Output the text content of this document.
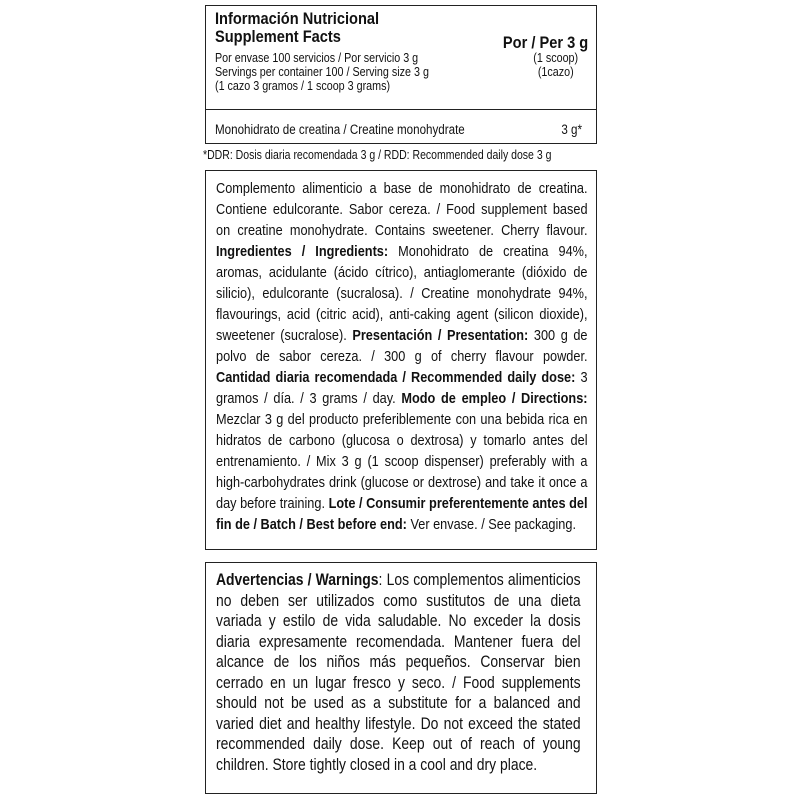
Información Nutricional
Supplement Facts	Por / Per 3 g
Por envase 100 servicios / Por servicio 3 g
Servings per container 100 / Serving size 3 g
(1 cazo 3 gramos / 1 scoop 3 grams)
(1 scoop)
(1cazo)
Monohidrato de creatina / Creatine monohydrate	3 g*
*DDR: Dosis diaria recomendada 3 g / RDD: Recommended daily dose 3 g
Complemento alimenticio a base de monohidrato de creatina. Contiene edulcorante. Sabor cereza. / Food supplement based on creatine monohydrate. Contains sweetener. Cherry flavour. Ingredientes / Ingredients: Monohidrato de creatina 94%, aromas, acidulante (ácido cítrico), antiaglomerante (dióxido de silicio), edulcorante (sucralosa). / Creatine monohydrate 94%, flavourings, acid (citric acid), anti-caking agent (silicon dioxide), sweetener (sucralose). Presentación / Presentation: 300 g de polvo de sabor cereza. / 300 g of cherry flavour powder. Cantidad diaria recomendada / Recommended daily dose: 3 gramos / día. / 3 grams / day. Modo de empleo / Directions: Mezclar 3 g del producto preferiblemente con una bebida rica en hidratos de carbono (glucosa o dextrosa) y tomarlo antes del entrenamiento. / Mix 3 g (1 scoop dispenser) preferably with a high-carbohydrates drink (glucose or dextrose) and take it once a day before training. Lote / Consumir preferentemente antes del fin de / Batch / Best before end: Ver envase. / See packaging.
Advertencias / Warnings: Los complementos alimenticios no deben ser utilizados como sustitutos de una dieta variada y estilo de vida saludable. No exceder la dosis diaria expresamente recomendada. Mantener fuera del alcance de los niños más pequeños. Conservar bien cerrado en un lugar fresco y seco. / Food supplements should not be used as a substitute for a balanced and varied diet and healthy lifestyle. Do not exceed the stated recommended daily dose. Keep out of reach of young children. Store tightly closed in a cool and dry place.
